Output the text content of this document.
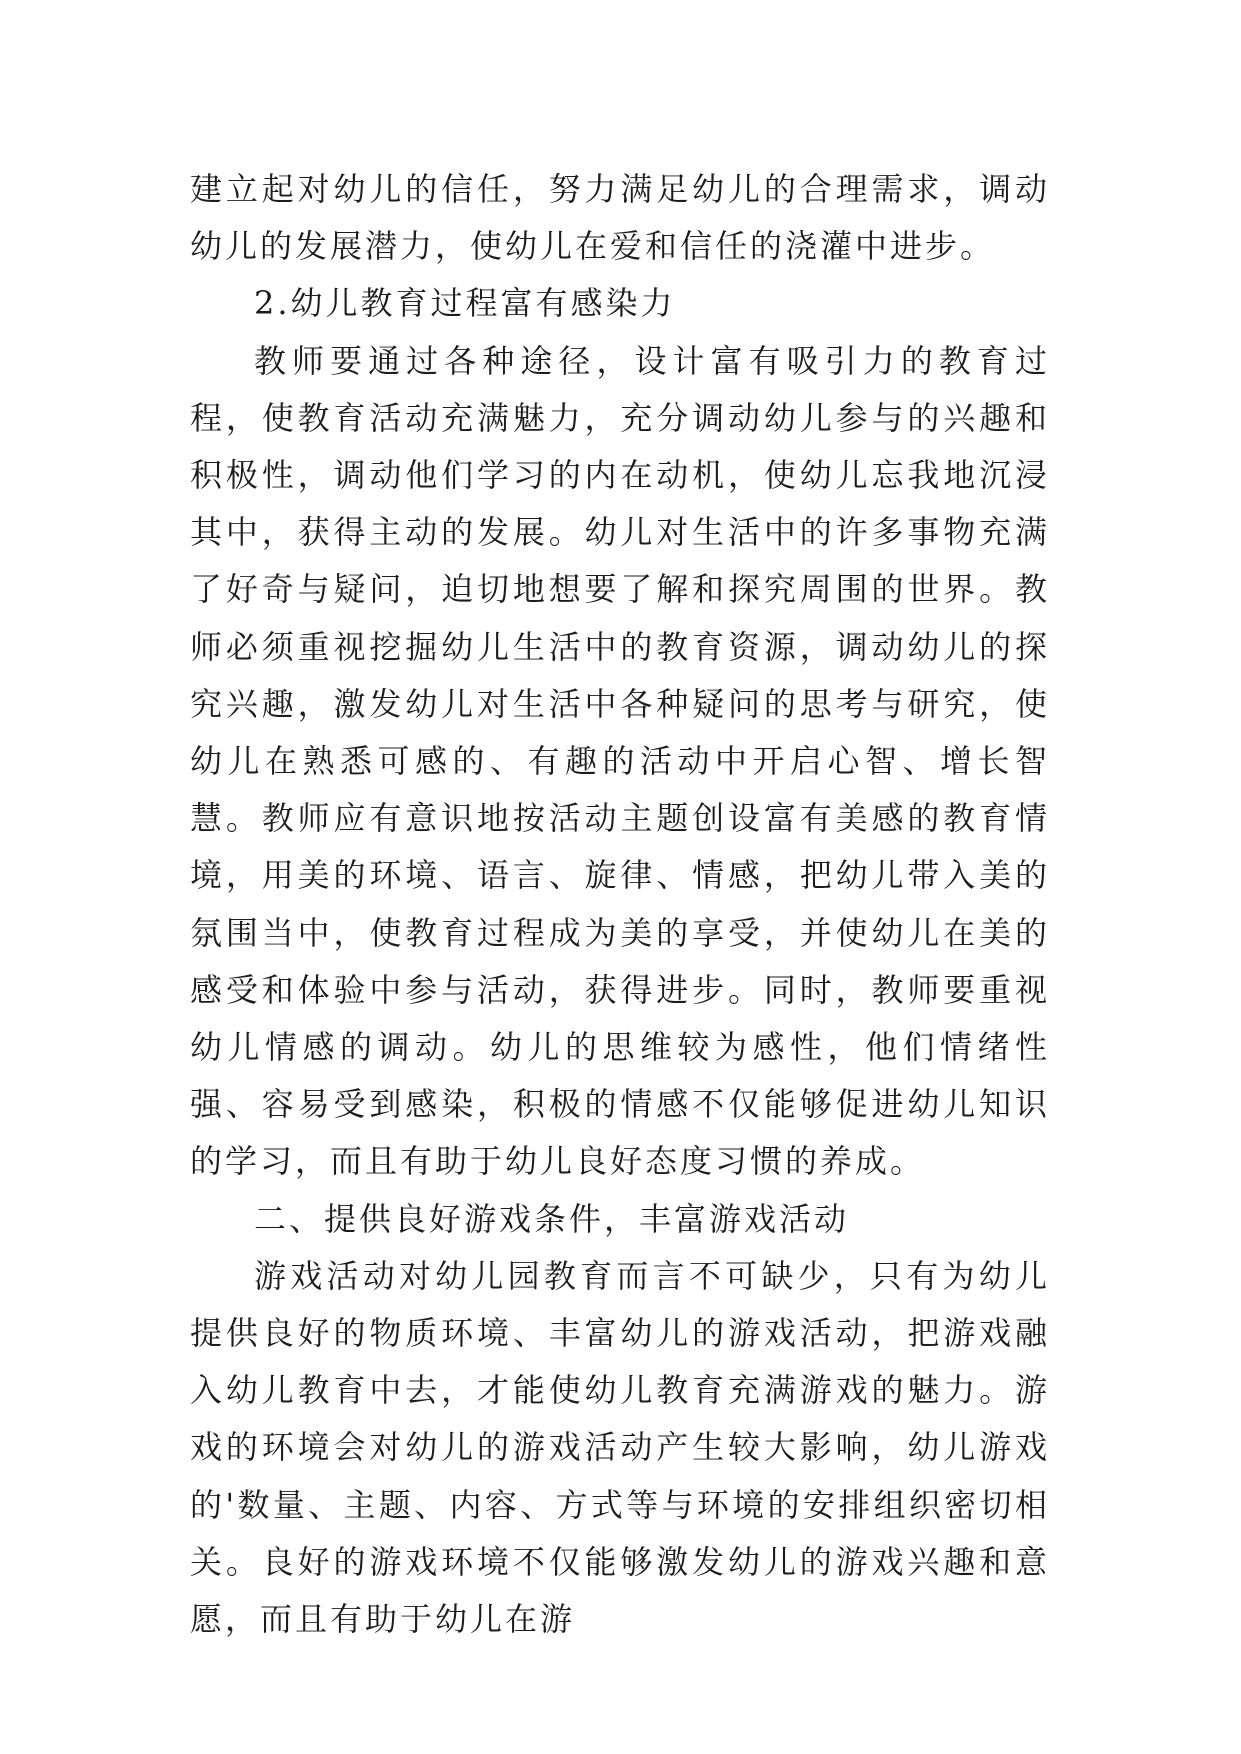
建立起对幼儿的信任，努力满足幼儿的合理需求，调动幼儿的发展潜力，使幼儿在爱和信任的浇灌中进步。

2.幼儿教育过程富有感染力

教师要通过各种途径，设计富有吸引力的教育过程，使教育活动充满魅力，充分调动幼儿参与的兴趣和积极性，调动他们学习的内在动机，使幼儿忘我地沉浸其中，获得主动的发展。幼儿对生活中的许多事物充满了好奇与疑问，迫切地想要了解和探究周围的世界。教师必须重视挖掘幼儿生活中的教育资源，调动幼儿的探究兴趣，激发幼儿对生活中各种疑问的思考与研究，使幼儿在熟悉可感的、有趣的活动中开启心智、增长智慧。教师应有意识地按活动主题创设富有美感的教育情境，用美的环境、语言、旋律、情感，把幼儿带入美的氛围当中，使教育过程成为美的享受，并使幼儿在美的感受和体验中参与活动，获得进步。同时，教师要重视幼儿情感的调动。幼儿的思维较为感性，他们情绪性强、容易受到感染，积极的情感不仅能够促进幼儿知识的学习，而且有助于幼儿良好态度习惯的养成。

二、提供良好游戏条件，丰富游戏活动

游戏活动对幼儿园教育而言不可缺少，只有为幼儿提供良好的物质环境、丰富幼儿的游戏活动，把游戏融入幼儿教育中去，才能使幼儿教育充满游戏的魅力。游戏的环境会对幼儿的游戏活动产生较大影响，幼儿游戏的'数量、主题、内容、方式等与环境的安排组织密切相关。良好的游戏环境不仅能够激发幼儿的游戏兴趣和意愿，而且有助于幼儿在游
